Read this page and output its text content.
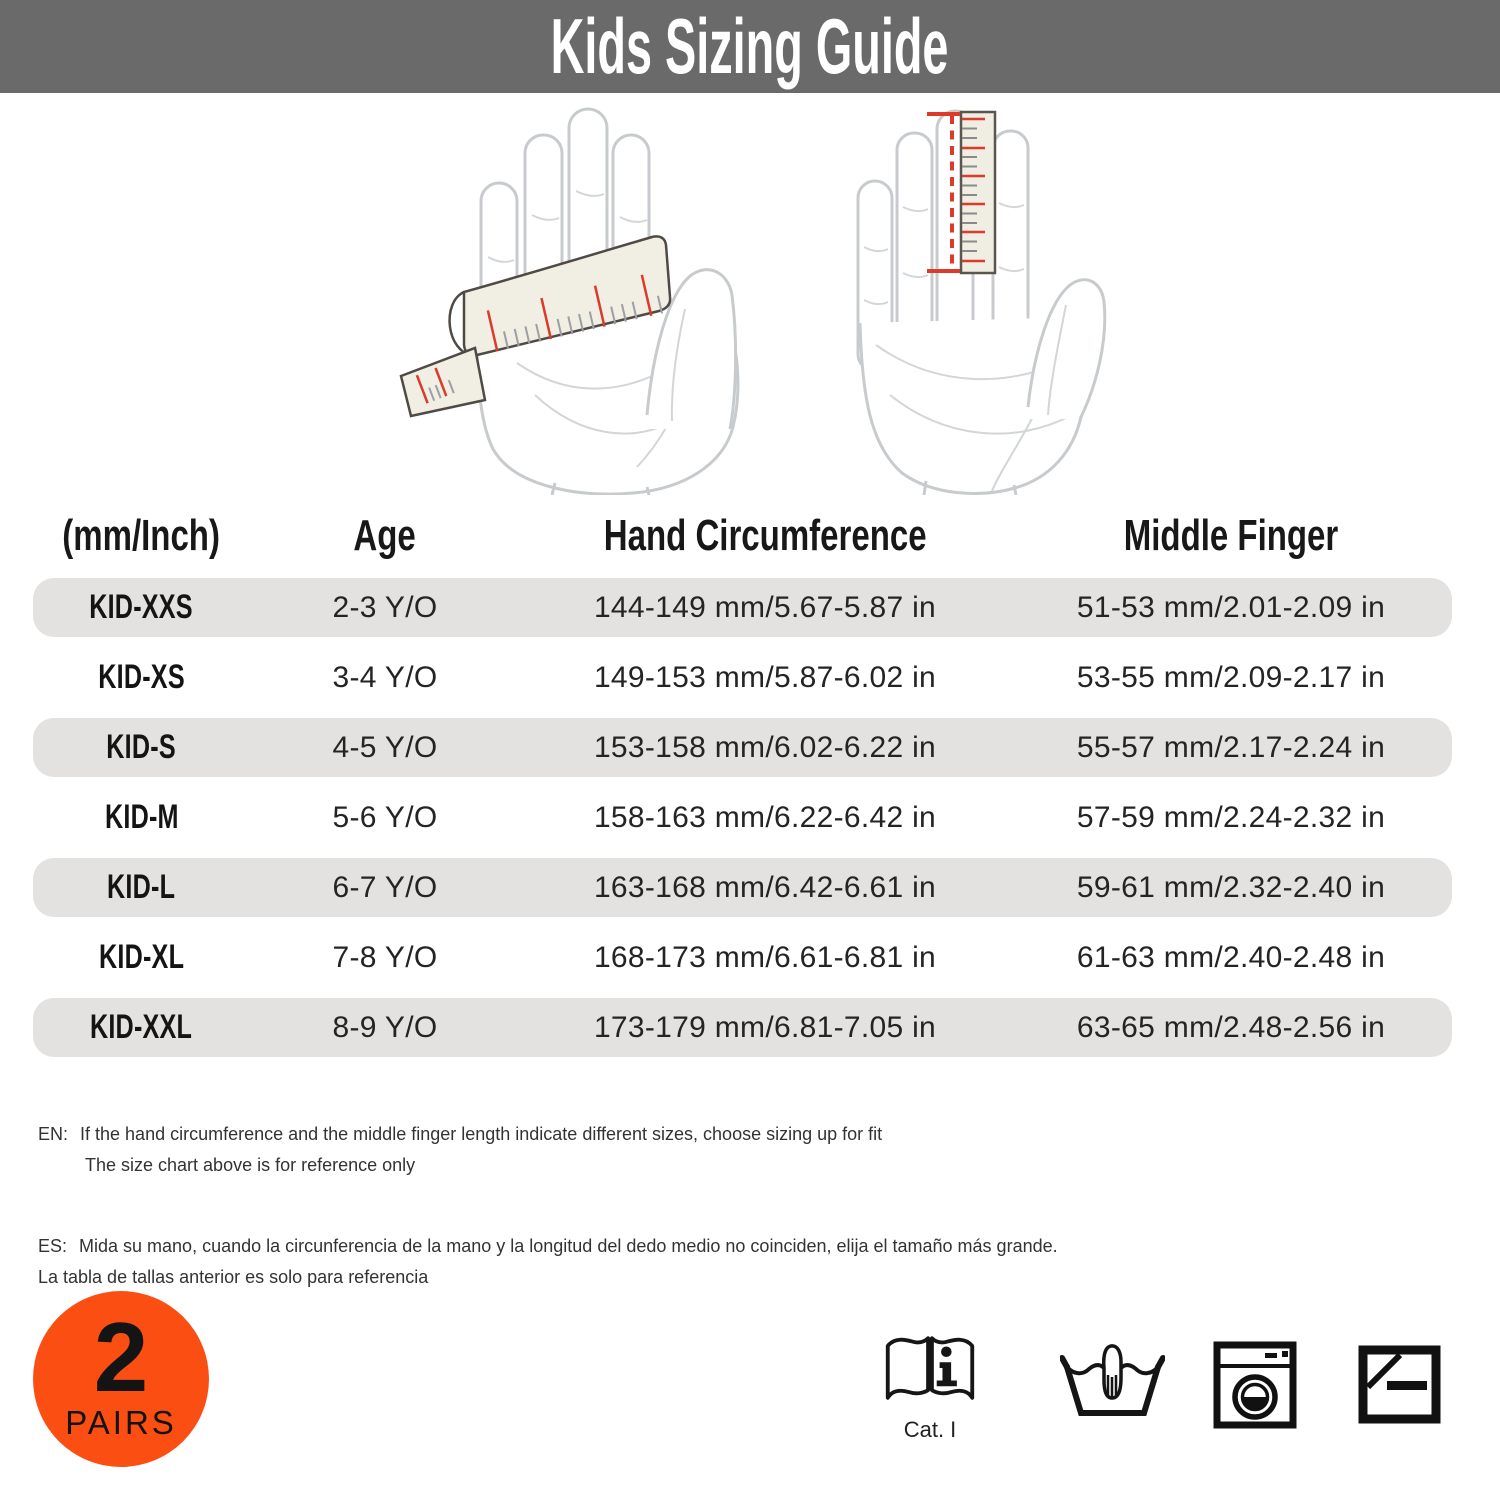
Kids Sizing Guide
(mm/Inch)	Age	Hand Circumference	Middle Finger
KID-XXS	2-3 Y/O	144-149 mm/5.67-5.87 in	51-53 mm/2.01-2.09 in
KID-XS	3-4 Y/O	149-153 mm/5.87-6.02 in	53-55 mm/2.09-2.17 in
KID-S	4-5 Y/O	153-158 mm/6.02-6.22 in	55-57 mm/2.17-2.24 in
KID-M	5-6 Y/O	158-163 mm/6.22-6.42 in	57-59 mm/2.24-2.32 in
KID-L	6-7 Y/O	163-168 mm/6.42-6.61 in	59-61 mm/2.32-2.40 in
KID-XL	7-8 Y/O	168-173 mm/6.61-6.81 in	61-63 mm/2.40-2.48 in
KID-XXL	8-9 Y/O	173-179 mm/6.81-7.05 in	63-65 mm/2.48-2.56 in
EN: If the hand circumference and the middle finger length indicate different sizes, choose sizing up for fit
The size chart above is for reference only
ES: Mida su mano, cuando la circunferencia de la mano y la longitud del dedo medio no coinciden, elija el tamaño más grande.
La tabla de tallas anterior es solo para referencia
2
PAIRS	Cat. I
